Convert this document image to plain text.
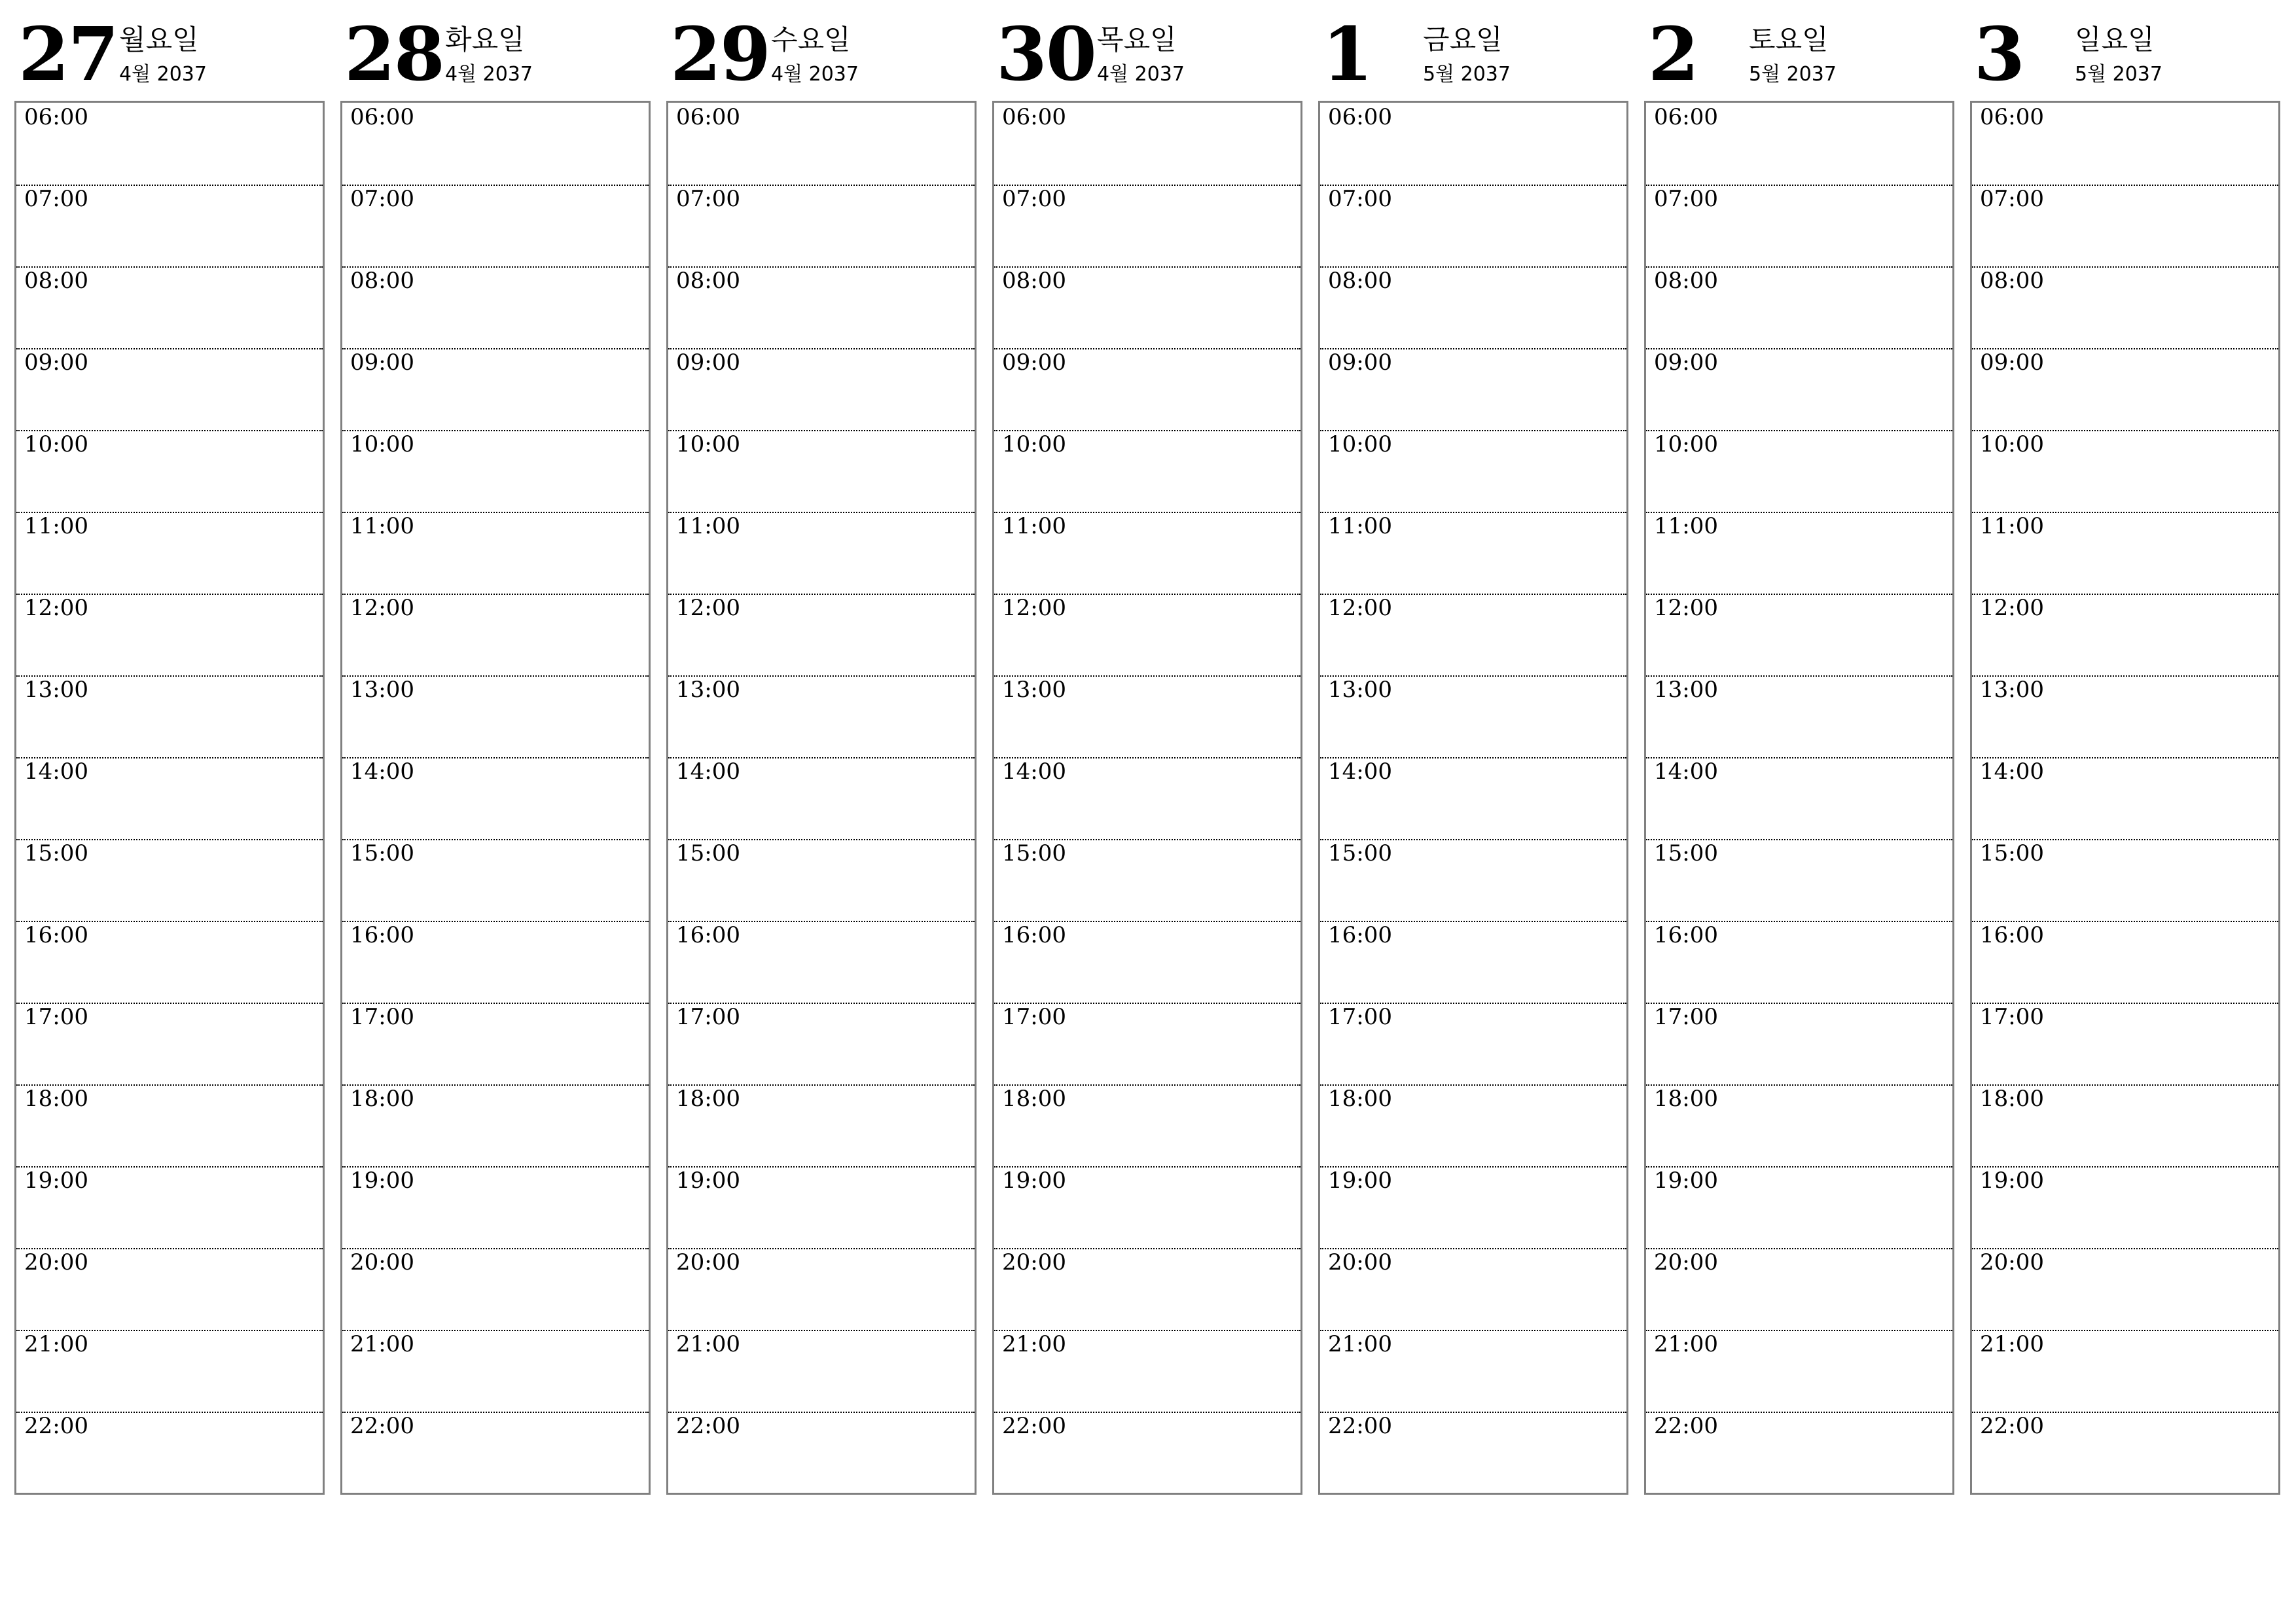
27 월요일
4월 2037
06:00
07:00
08:00
09:00
10:00
11:00
12:00
13:00
14:00
15:00
16:00
17:00
18:00
19:00
20:00
21:00
22:00
28 화요일
4월 2037
06:00
07:00
08:00
09:00
10:00
11:00
12:00
13:00
14:00
15:00
16:00
17:00
18:00
19:00
20:00
21:00
22:00
29 수요일
4월 2037
06:00
07:00
08:00
09:00
10:00
11:00
12:00
13:00
14:00
15:00
16:00
17:00
18:00
19:00
20:00
21:00
22:00
30 목요일
4월 2037
06:00
07:00
08:00
09:00
10:00
11:00
12:00
13:00
14:00
15:00
16:00
17:00
18:00
19:00
20:00
21:00
22:00
1 금요일
5월 2037
06:00
07:00
08:00
09:00
10:00
11:00
12:00
13:00
14:00
15:00
16:00
17:00
18:00
19:00
20:00
21:00
22:00
2 토요일
5월 2037
06:00
07:00
08:00
09:00
10:00
11:00
12:00
13:00
14:00
15:00
16:00
17:00
18:00
19:00
20:00
21:00
22:00
3 일요일
5월 2037
06:00
07:00
08:00
09:00
10:00
11:00
12:00
13:00
14:00
15:00
16:00
17:00
18:00
19:00
20:00
21:00
22:00
